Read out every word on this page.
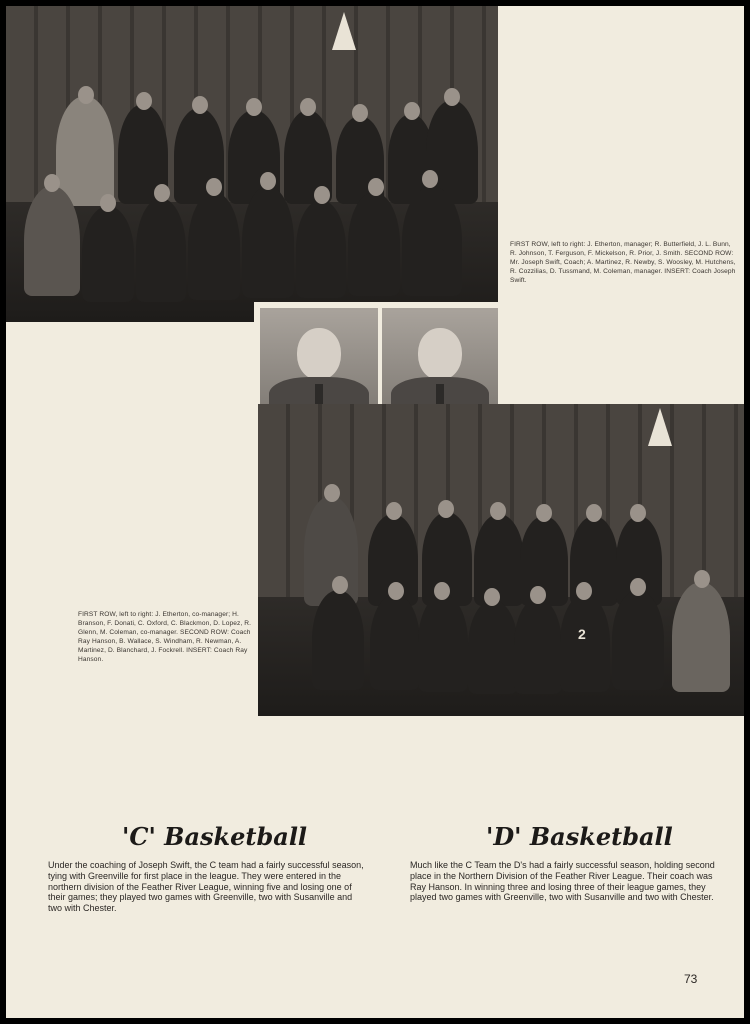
FIRST ROW, left to right: J. Etherton, manager; R. Butterfield, J. L. Bunn, R. Johnson, T. Ferguson, F. Mickelson, R. Prior, J. Smith. SECOND ROW: Mr. Joseph Swift, Coach; A. Martinez, R. Newby, S. Woosley, M. Hutchens, R. Cozzilias, D. Tussmand, M. Coleman, manager. INSERT: Coach Joseph Swift.
2
FIRST ROW, left to right: J. Etherton, co-manager; H. Branson, F. Donati, C. Oxford, C. Blackmon, D. Lopez, R. Glenn, M. Coleman, co-manager. SECOND ROW: Coach Ray Hanson, B. Wallace, S. Windham, R. Newman, A. Martinez, D. Blanchard, J. Fockrell. INSERT: Coach Ray Hanson.
'C' Basketball
Under the coaching of Joseph Swift, the C team had a fairly successful season, tying with Greenville for first place in the league. They were entered in the northern division of the Feather River League, winning five and losing one of their games; they played two games with Greenville, two with Susanville and two with Chester.
'D' Basketball
Much like the C Team the D's had a fairly successful season, holding second place in the Northern Division of the Feather River League. Their coach was Ray Hanson. In winning three and losing three of their league games, they played two games with Greenville, two with Susanville and two with Chester.
73
